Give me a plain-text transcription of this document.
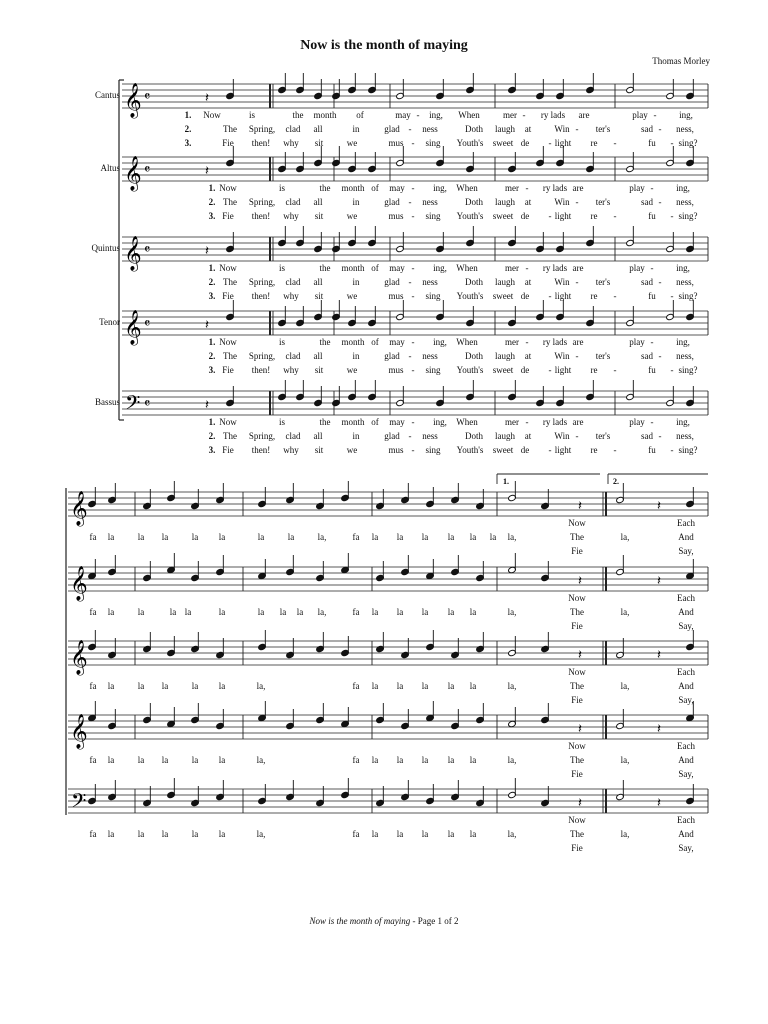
Now is the month of maying
Thomas Morley
Cantus
Altus
Quintus
Tenor
Bassus
1. Now	is	the month of	may - ing, When	mer - ry lads are	play -	ing,
2.	The Spring, clad all	in	glad - ness	Doth laugh at	Win - ter's	sad - ness,
3.	Fie then! why sit	we	mus - sing Youth's sweet de - light re -	fu - sing?
1. Now	is	the month of may - ing, When	mer - ry lads are	play -	ing,
2. The Spring, clad all	in	glad - ness	Doth laugh at	Win - ter's	sad - ness,
3. Fie then! why sit	we	mus - sing Youth's sweet de - light re -	fu - sing?
1. Now	is	the month of may - ing, When	mer - ry lads are	play -	ing,
2. The Spring, clad all	in	glad - ness	Doth laugh at	Win - ter's	sad - ness,
3. Fie then! why sit	we	mus - sing Youth's sweet de - light re -	fu - sing?
1. Now	is	the month of may - ing, When	mer - ry lads are	play -	ing,
2. The Spring, clad all	in	glad - ness	Doth laugh at	Win - ter's	sad - ness,
3. Fie then! why sit	we	mus - sing Youth's sweet de - light re -	fu - sing?
1. Now	is	the month of may - ing, When	mer - ry lads are	play -	ing,
2. The Spring, clad all	in	glad - ness	Doth laugh at	Win - ter's	sad - ness,
3. Fie then! why sit	we	mus - sing Youth's sweet de - light re -	fu - sing?
fa la	la la	la la	la	la	la,	fa la la la la la la la,
Now
The
Fie
la,
Each
And
Say,
fa la	la	la la	la	la la la la,	fa la la la la la	la,
Now
The
Fie
la,
Each
And
Say,
fa la	la la	la la	la,	fa la la la la la	la,
Now
The
Fie
la,
Each
And
Say,
fa la	la la	la la	la,	fa la la la la la	la,
Now
The
Fie
la,
Each
And
Say,
fa la	la la	la la	la,	fa la la la la la	la,
Now
The
Fie
la,
Each
And
Say,
𝄞 𝄴	𝄽
𝄞 𝄴	𝄽
𝄞 𝄴	𝄽
𝄞 𝄴	𝄽
𝄢 𝄴	𝄽
1.	2.
𝄞	𝄽	𝄽
𝄞	𝄽	𝄽
𝄞	𝄽	𝄽
𝄞	𝄽	𝄽
𝄢	𝄽	𝄽
Now is the month of maying - Page 1 of 2
